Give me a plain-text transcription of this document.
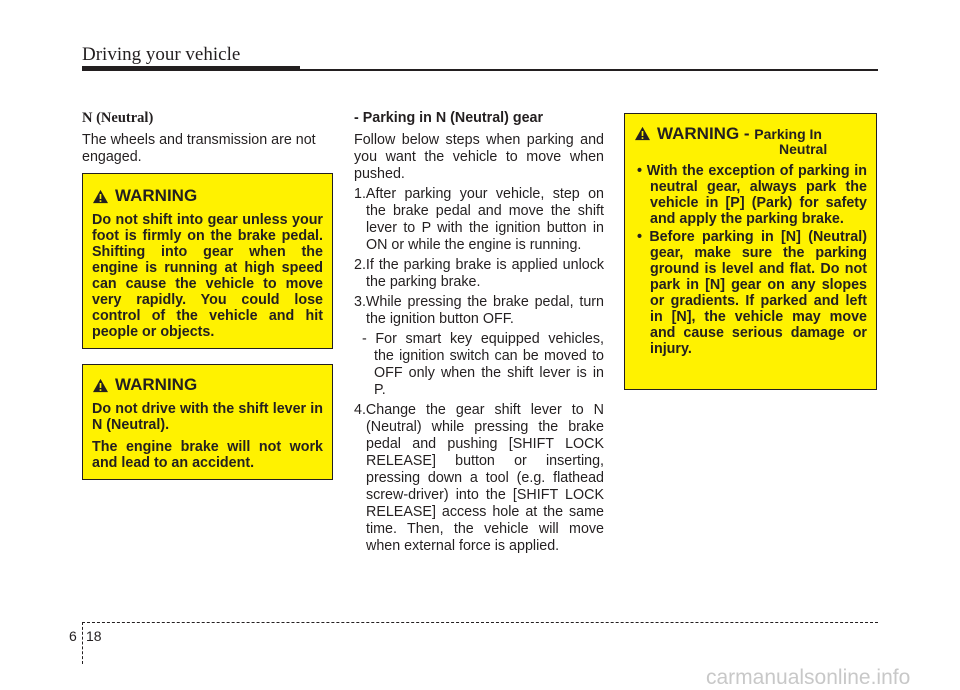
Driving your vehicle

N (Neutral)

The wheels and transmission are not engaged.

WARNING

Do not shift into gear unless your foot is firmly on the brake pedal. Shifting into gear when the engine is running at high speed can cause the vehicle to move very rapidly. You could lose control of the vehicle and hit people or objects.

WARNING

Do not drive with the shift lever in N (Neutral).

The engine brake will not work and lead to an accident.

- Parking in N (Neutral) gear

Follow below steps when parking and you want the vehicle to move when pushed.

1.After parking your vehicle, step on the brake pedal and move the shift lever to P with the ignition button in ON or while the engine is running.

2.If the parking brake is applied unlock the parking brake.

3.While pressing the brake pedal, turn the ignition button OFF.

- For smart key equipped vehicles, the ignition switch can be moved to OFF only when the shift lever is in P.

4.Change the gear shift lever to N (Neutral) while pressing the brake pedal and pushing [SHIFT LOCK RELEASE] button or inserting, pressing down a tool (e.g. flathead screw-driver) into the [SHIFT LOCK RELEASE] access hole at the same time. Then, the vehicle will move when external force is applied.

WARNING - Parking In
Neutral

• With the exception of parking in neutral gear, always park the vehicle in [P] (Park) for safety and apply the parking brake.

• Before parking in [N] (Neutral) gear, make sure the parking ground is level and flat. Do not park in [N] gear on any slopes or gradients. If parked and left in [N], the vehicle may move and cause serious damage or injury.

6 18
carmanualsonline.info
